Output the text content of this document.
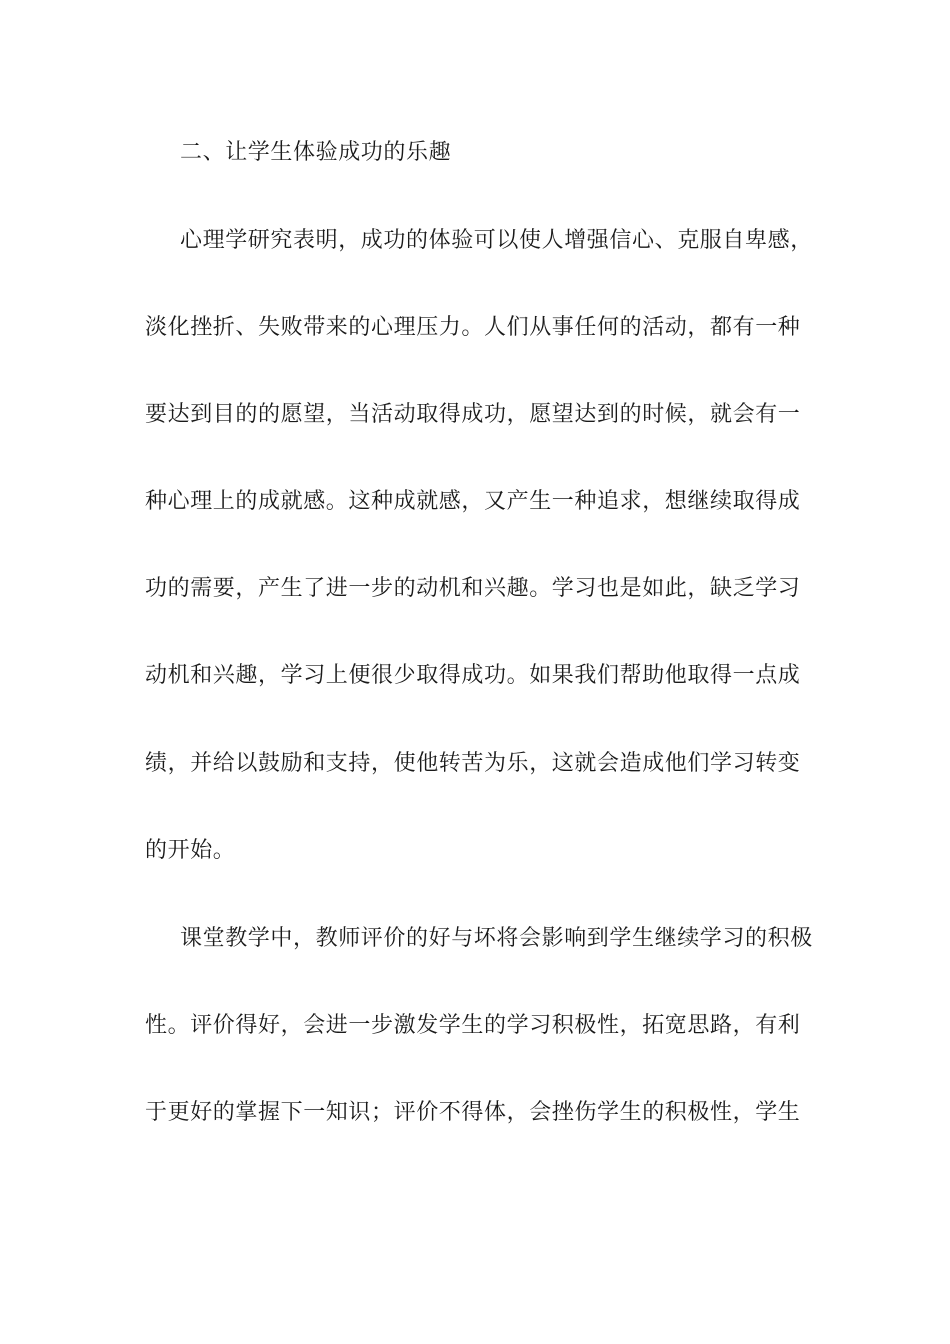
二、让学生体验成功的乐趣

心理学研究表明，成功的体验可以使人增强信心、克服自卑感，

淡化挫折、失败带来的心理压力。人们从事任何的活动，都有一种

要达到目的的愿望，当活动取得成功，愿望达到的时候，就会有一

种心理上的成就感。这种成就感，又产生一种追求，想继续取得成

功的需要，产生了进一步的动机和兴趣。学习也是如此，缺乏学习

动机和兴趣，学习上便很少取得成功。如果我们帮助他取得一点成

绩，并给以鼓励和支持，使他转苦为乐，这就会造成他们学习转变

的开始。

课堂教学中，教师评价的好与坏将会影响到学生继续学习的积极

性。评价得好，会进一步激发学生的学习积极性，拓宽思路，有利

于更好的掌握下一知识；评价不得体，会挫伤学生的积极性，学生
